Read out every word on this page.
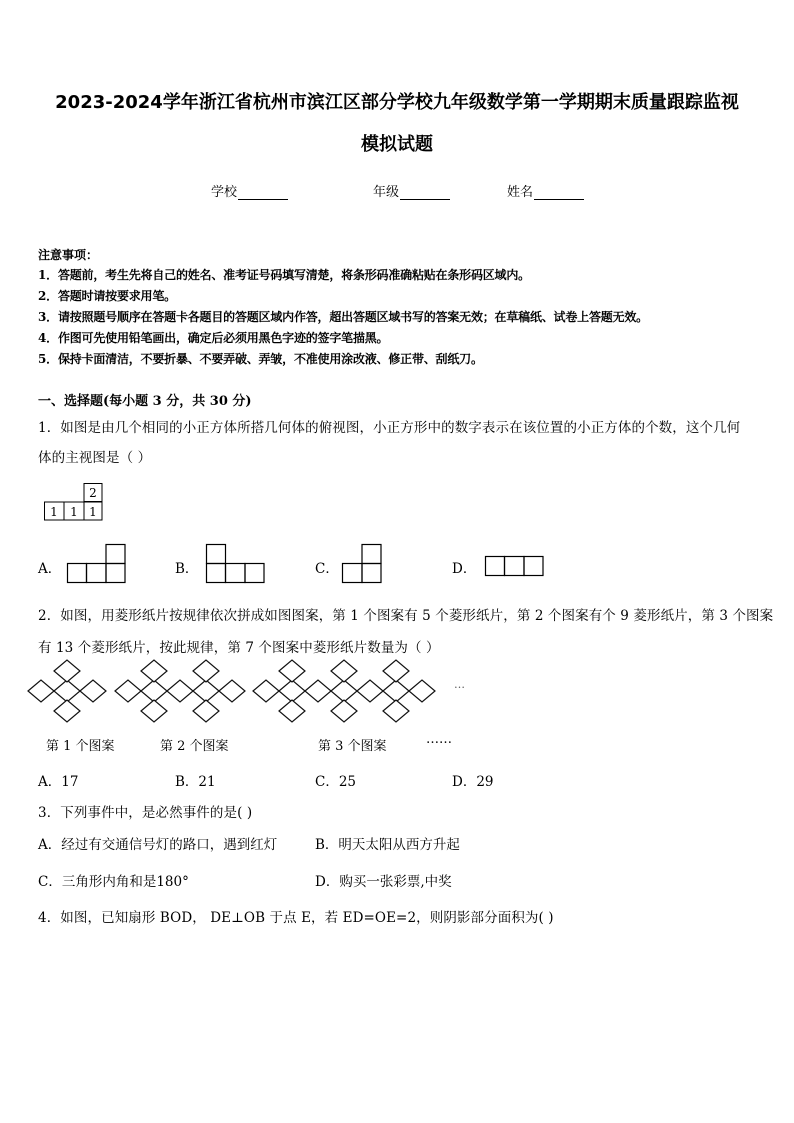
2023-2024学年浙江省杭州市滨江区部分学校九年级数学第一学期期末质量跟踪监视
模拟试题
学校	年级	姓名
注意事项：
1．答题前，考生先将自己的姓名、准考证号码填写清楚，将条形码准确粘贴在条形码区域内。
2．答题时请按要求用笔。
3．请按照题号顺序在答题卡各题目的答题区域内作答，超出答题区域书写的答案无效；在草稿纸、试卷上答题无效。
4．作图可先使用铅笔画出，确定后必须用黑色字迹的签字笔描黑。
5．保持卡面清洁，不要折暴、不要弄破、弄皱，不准使用涂改液、修正带、刮纸刀。
一、选择题(每小题 3 分，共 30 分)
1．如图是由几个相同的小正方体所搭几何体的俯视图，小正方形中的数字表示在该位置的小正方体的个数，这个几何
体的主视图是（ ）
2
1 1 1
A．	B．	C．	D．
2．如图，用菱形纸片按规律依次拼成如图图案，第 1 个图案有 5 个菱形纸片，第 2 个图案有个 9 菱形纸片，第 3 个图案
有 13 个菱形纸片，按此规律，第 7 个图案中菱形纸片数量为（ ）
…
第 1 个图案	第 2 个图案	第 3 个图案	……
A．17	B．21	C．25	D．29
3．下列事件中，是必然事件的是( )
A．经过有交通信号灯的路口，遇到红灯	B．明天太阳从西方升起
C．三角形内角和是180°	D．购买一张彩票,中奖
4．如图，已知扇形 BOD， DE⊥OB 于点 E，若 ED=OE=2，则阴影部分面积为( )
